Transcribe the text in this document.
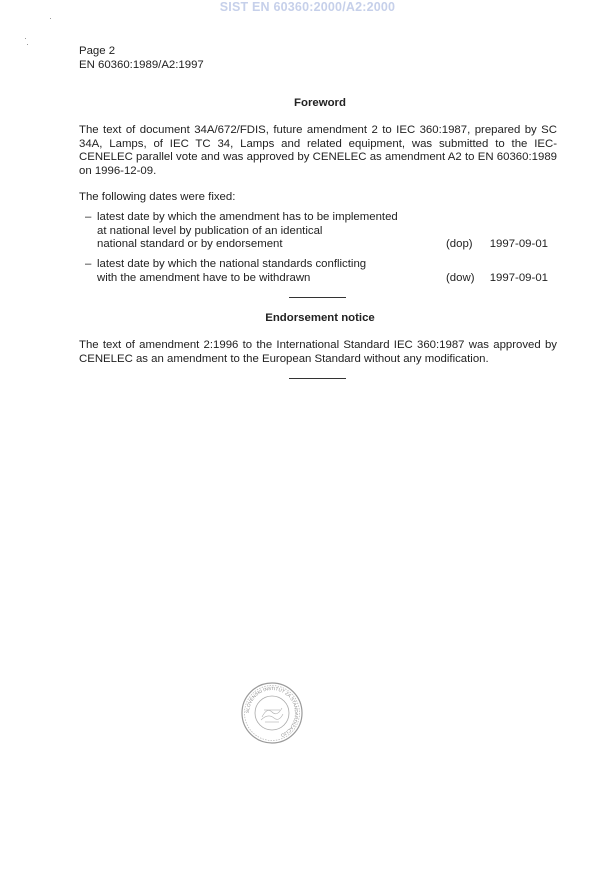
SIST EN 60360:2000/A2:2000
Page 2
EN 60360:1989/A2:1997
Foreword
The text of document 34A/672/FDIS, future amendment 2 to IEC 360:1987, prepared by SC 34A, Lamps, of IEC TC 34, Lamps and related equipment, was submitted to the IEC-CENELEC parallel vote and was approved by CENELEC as amendment A2 to EN 60360:1989 on 1996-12-09.
The following dates were fixed:
– latest date by which the amendment has to be implemented
at national level by publication of an identical
national standard or by endorsement	(dop) 1997-09-01
– latest date by which the national standards conflicting
with the amendment have to be withdrawn	(dow) 1997-09-01
Endorsement notice
The text of amendment 2:1996 to the International Standard IEC 360:1987 was approved by CENELEC as an amendment to the European Standard without any modification.
SLOVENSKI INSTITUT ZA STANDARDIZACIJO
